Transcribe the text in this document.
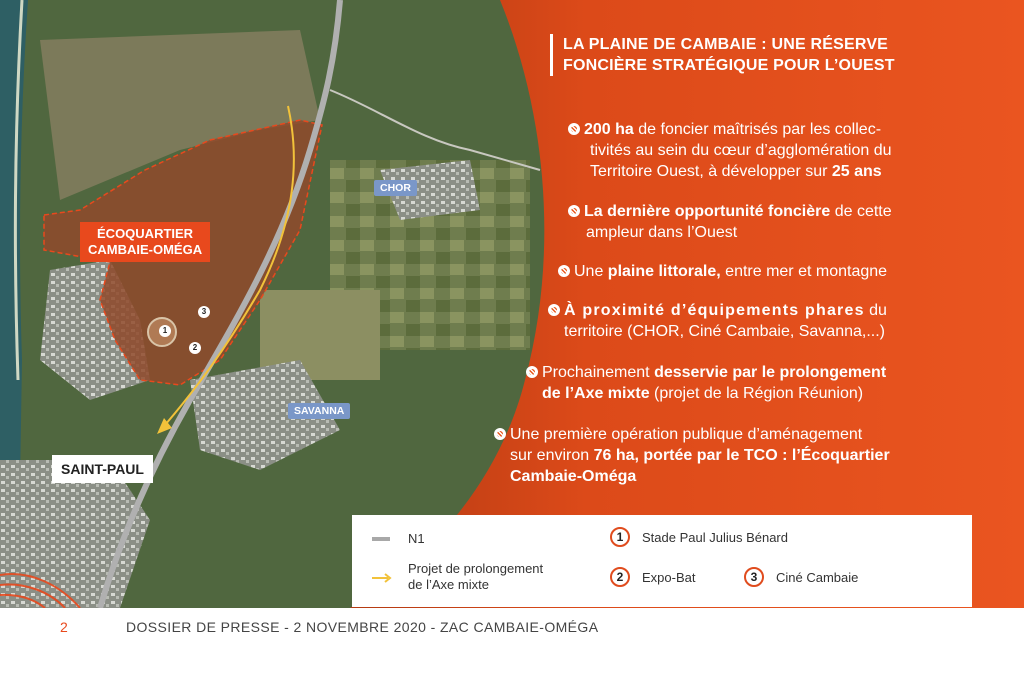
ÉCOQUARTIER
CAMBAIE-OMÉGA
CHOR
SAVANNA
SAINT-PAUL
1
2
3
LA PLAINE DE CAMBAIE : UNE RÉSERVE
FONCIÈRE STRATÉGIQUE POUR L’OUEST
200 ha de foncier maîtrisés par les collec-
tivités au sein du cœur d’agglomération du
Territoire Ouest, à développer sur 25 ans
La dernière opportunité foncière de cette
ampleur dans l’Ouest
Une plaine littorale, entre mer et montagne
À proximité d’équipements phares du
territoire (CHOR, Ciné Cambaie, Savanna,...)
Prochainement desservie par le prolongement
de l’Axe mixte (projet de la Région Réunion)
Une première opération publique d’aménagement
sur environ 76 ha, portée par le TCO : l’Écoquartier
Cambaie-Oméga
N1
Projet de prolongement
de l’Axe mixte
1	Stade Paul Julius Bénard
2	Expo-Bat	3	Ciné Cambaie
2	DOSSIER DE PRESSE - 2 NOVEMBRE 2020 - ZAC CAMBAIE-OMÉGA
